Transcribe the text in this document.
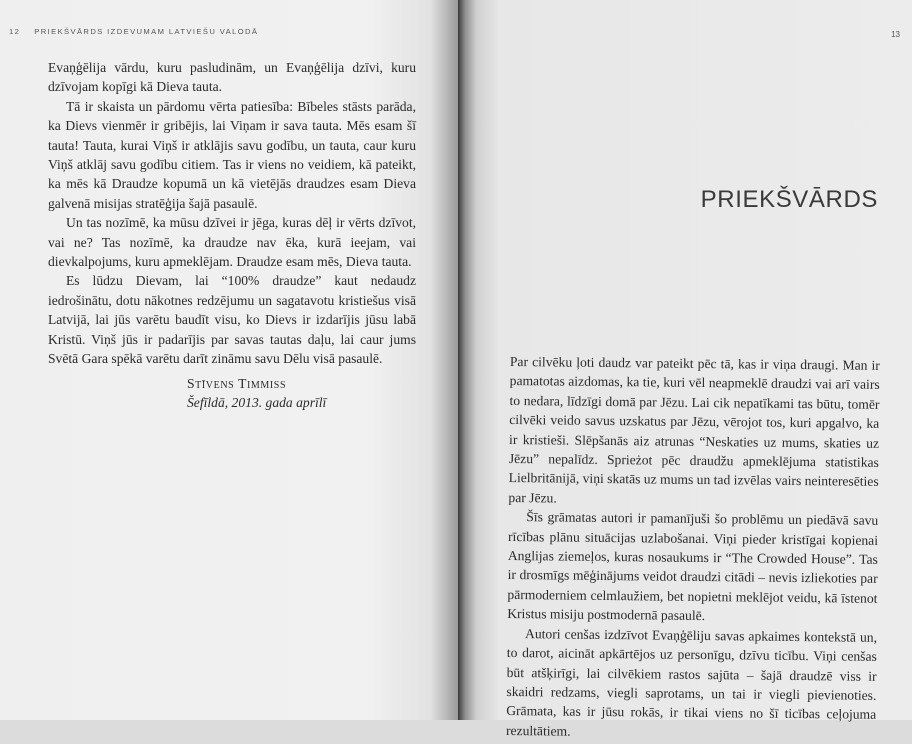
12 PRIEKŠVĀRDS IZDEVUMAM LATVIEŠU VALODĀ

Evaņģēlija vārdu, kuru pasludinām, un Evaņģēlija dzīvi, kuru dzīvojam kopīgi kā Dieva tauta.

Tā ir skaista un pārdomu vērta patiesība: Bībeles stāsts parāda, ka Dievs vienmēr ir gribējis, lai Viņam ir sava tauta. Mēs esam šī tauta! Tauta, kurai Viņš ir atklājis savu godību, un tauta, caur kuru Viņš atklāj savu godību citiem. Tas ir viens no veidiem, kā pateikt, ka mēs kā Draudze kopumā un kā vietējās draudzes esam Dieva galvenā misijas stratēģija šajā pasaulē.

Un tas nozīmē, ka mūsu dzīvei ir jēga, kuras dēļ ir vērts dzīvot, vai ne? Tas nozīmē, ka draudze nav ēka, kurā ieejam, vai dievkalpojums, kuru apmeklējam. Draudze esam mēs, Dieva tauta.

Es lūdzu Dievam, lai “100% draudze” kaut nedaudz iedrošinātu, dotu nākotnes redzējumu un sagatavotu kristiešus visā Latvijā, lai jūs varētu baudīt visu, ko Dievs ir izdarījis jūsu labā Kristū. Viņš jūs ir padarījis par savas tautas daļu, lai caur jums Svētā Gara spēkā varētu darīt zināmu savu Dēlu visā pasaulē.

Stīvens Timmiss
Šefīldā, 2013. gada aprīlī
13
PRIEKŠVĀRDS

Par cilvēku ļoti daudz var pateikt pēc tā, kas ir viņa draugi. Man ir pamatotas aizdomas, ka tie, kuri vēl neapmeklē draudzi vai arī vairs to nedara, līdzīgi domā par Jēzu. Lai cik nepatīkami tas būtu, tomēr cilvēki veido savus uzskatus par Jēzu, vērojot tos, kuri apgalvo, ka ir kristieši. Slēpšanās aiz atrunas “Neskaties uz mums, skaties uz Jēzu” nepalīdz. Sprieżot pēc draudžu apmeklējuma statistikas Lielbritānijā, viņi skatās uz mums un tad izvēlas vairs neinteresēties par Jēzu.

Šīs grāmatas autori ir pamanījuši šo problēmu un piedāvā savu rīcības plānu situācijas uzlabošanai. Viņi pieder kristīgai kopienai Anglijas ziemeļos, kuras nosaukums ir “The Crowded House”. Tas ir drosmīgs mēģinājums veidot draudzi citādi – nevis izliekoties par pārmoderniem celmlaužiem, bet nopietni meklējot veidu, kā īstenot Kristus misiju postmodernā pasaulē.

Autori cenšas izdzīvot Evaņģēliju savas apkaimes kontekstā un, to darot, aicināt apkārtējos uz personīgu, dzīvu ticību. Viņi cenšas būt atšķirīgi, lai cilvēkiem rastos sajūta – šajā draudzē viss ir skaidri redzams, viegli saprotams, un tai ir viegli pievienoties. Grāmata, kas ir jūsu rokās, ir tikai viens no šī ticības ceļojuma rezultātiem.
